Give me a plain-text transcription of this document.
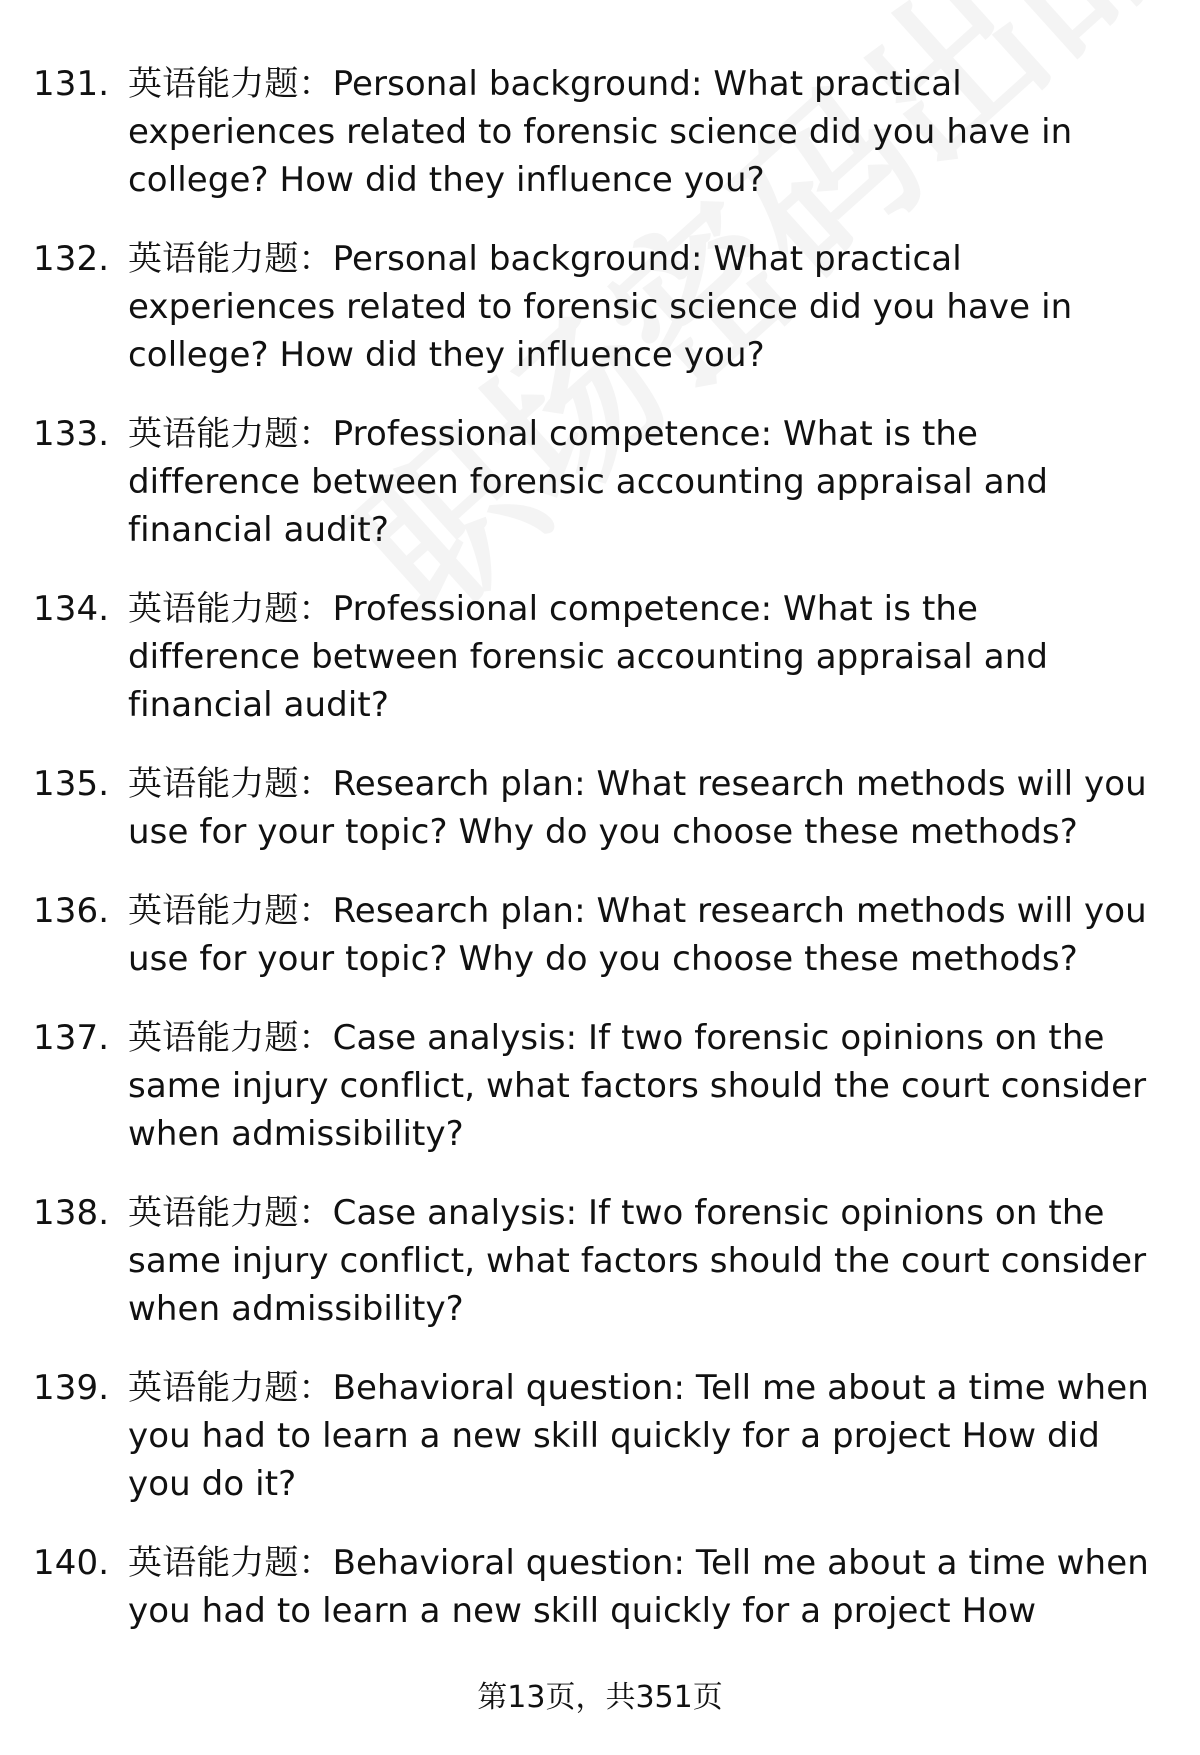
131. 英语能力题：Personal background: What practical experiences related to forensic science did you have in college? How did they influence you?
132. 英语能力题：Personal background: What practical experiences related to forensic science did you have in college? How did they influence you?
133. 英语能力题：Professional competence: What is the difference between forensic accounting appraisal and financial audit?
134. 英语能力题：Professional competence: What is the difference between forensic accounting appraisal and financial audit?
135. 英语能力题：Research plan: What research methods will you use for your topic? Why do you choose these methods?
136. 英语能力题：Research plan: What research methods will you use for your topic? Why do you choose these methods?
137. 英语能力题：Case analysis: If two forensic opinions on the same injury conflict, what factors should the court consider when admissibility?
138. 英语能力题：Case analysis: If two forensic opinions on the same injury conflict, what factors should the court consider when admissibility?
139. 英语能力题：Behavioral question: Tell me about a time when you had to learn a new skill quickly for a project How did you do it?
140. 英语能力题：Behavioral question: Tell me about a time when you had to learn a new skill quickly for a project How
第13页，共351页
